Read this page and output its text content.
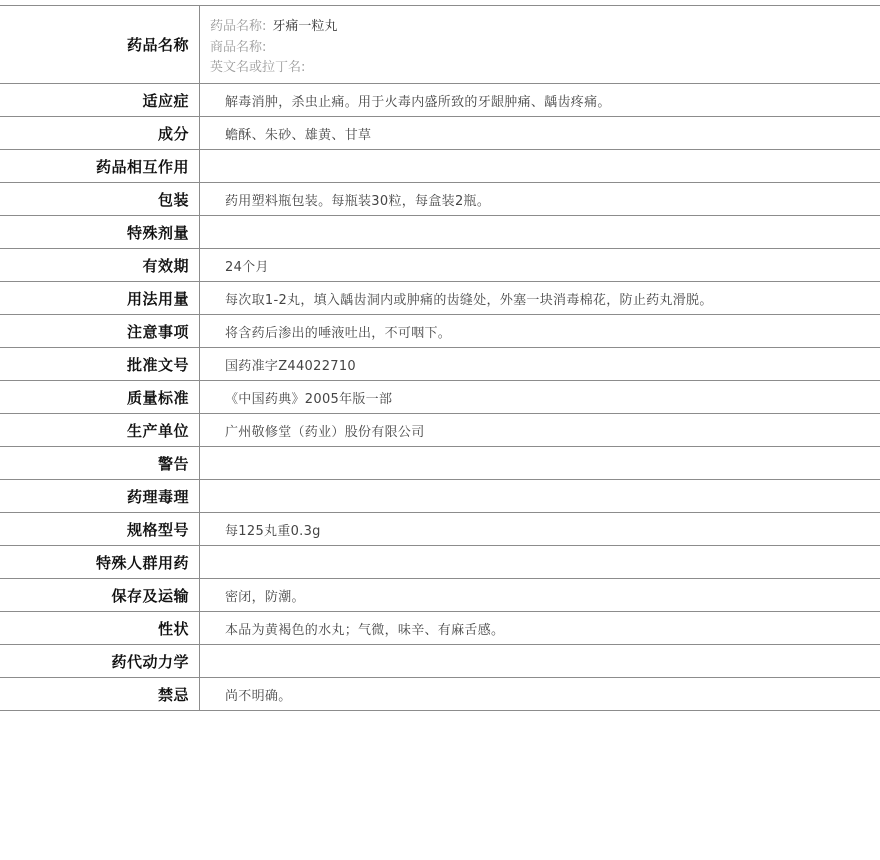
药品名称
药品名称: 牙痛一粒丸
商品名称:
英文名或拉丁名:
适应症	解毒消肿，杀虫止痛。用于火毒内盛所致的牙龈肿痛、龋齿疼痛。
成分	蟾酥、朱砂、雄黄、甘草
药品相互作用
包装	药用塑料瓶包装。每瓶装30粒，每盒装2瓶。
特殊剂量
有效期	24个月
用法用量	每次取1-2丸，填入龋齿洞内或肿痛的齿缝处，外塞一块消毒棉花，防止药丸滑脱。
注意事项	将含药后渗出的唾液吐出，不可咽下。
批准文号	国药准字Z44022710
质量标准	《中国药典》2005年版一部
生产单位	广州敬修堂（药业）股份有限公司
警告
药理毒理
规格型号	每125丸重0.3g
特殊人群用药
保存及运输	密闭，防潮。
性状	本品为黄褐色的水丸；气微，味辛、有麻舌感。
药代动力学
禁忌	尚不明确。
